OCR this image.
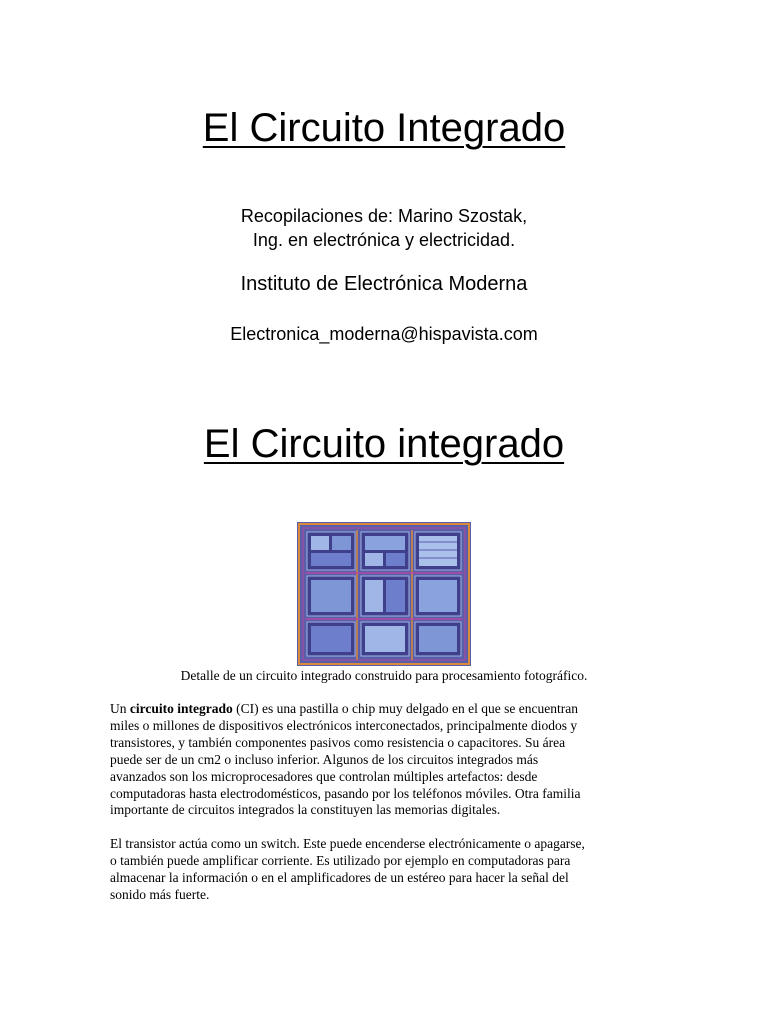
El Circuito Integrado
Recopilaciones de: Marino Szostak,
Ing. en electrónica y electricidad.
Instituto de Electrónica Moderna
Electronica_moderna@hispavista.com
El Circuito integrado
Detalle de un circuito integrado construido para procesamiento fotográfico.

Un circuito integrado (CI) es una pastilla o chip muy delgado en el que se encuentran
miles o millones de dispositivos electrónicos interconectados, principalmente diodos y
transistores, y también componentes pasivos como resistencia o capacitores. Su área
puede ser de un cm2 o incluso inferior. Algunos de los circuitos integrados más
avanzados son los microprocesadores que controlan múltiples artefactos: desde
computadoras hasta electrodomésticos, pasando por los teléfonos móviles. Otra familia
importante de circuitos integrados la constituyen las memorias digitales.

El transistor actúa como un switch. Este puede encenderse electrónicamente o apagarse,
o también puede amplificar corriente. Es utilizado por ejemplo en computadoras para
almacenar la información o en el amplificadores de un estéreo para hacer la señal del
sonido más fuerte.
